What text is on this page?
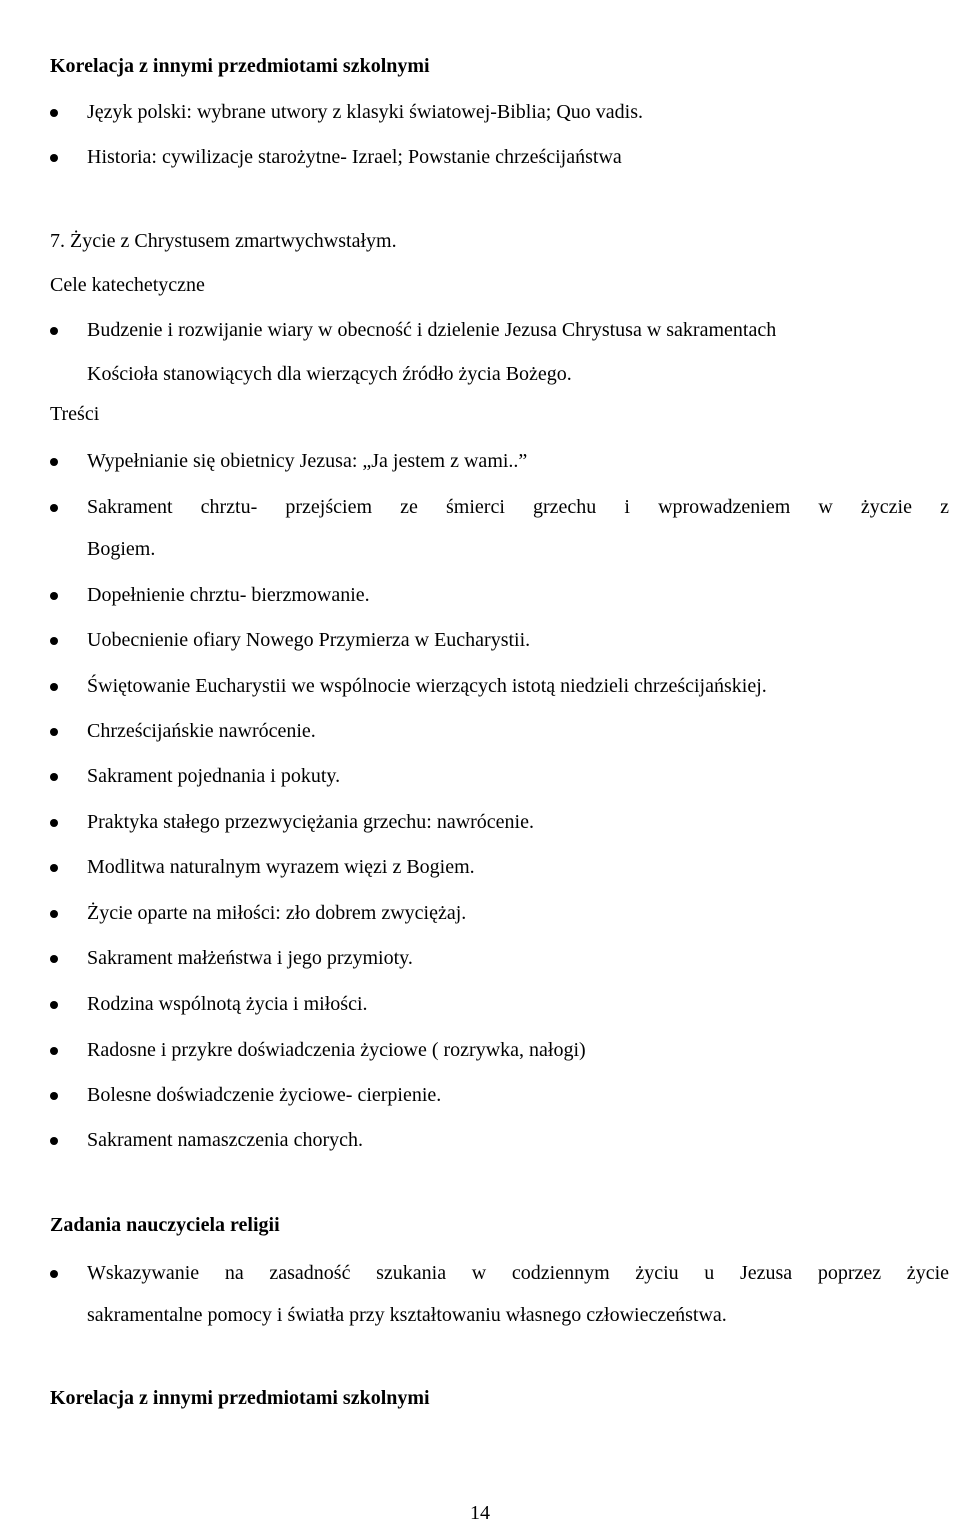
Korelacja z innymi przedmiotami szkolnymi
Język polski: wybrane utwory z klasyki światowej-Biblia; Quo vadis.
Historia: cywilizacje starożytne- Izrael; Powstanie chrześcijaństwa
7. Życie z Chrystusem zmartwychwstałym.
Cele katechetyczne
Budzenie i rozwijanie wiary w obecność i dzielenie Jezusa Chrystusa w sakramentach
Kościoła stanowiących dla wierzących źródło życia Bożego.
Treści
Wypełnianie się obietnicy Jezusa: „Ja jestem z wami..”
Sakrament chrztu- przejściem ze śmierci grzechu i wprowadzeniem w życzie z
Bogiem.
Dopełnienie chrztu- bierzmowanie.
Uobecnienie ofiary Nowego Przymierza w Eucharystii.
Świętowanie Eucharystii we wspólnocie wierzących istotą niedzieli chrześcijańskiej.
Chrześcijańskie nawrócenie.
Sakrament pojednania i pokuty.
Praktyka stałego przezwyciężania grzechu: nawrócenie.
Modlitwa naturalnym wyrazem więzi z Bogiem.
Życie oparte na miłości: zło dobrem zwyciężaj.
Sakrament małżeństwa i jego przymioty.
Rodzina wspólnotą życia i miłości.
Radosne i przykre doświadczenia życiowe ( rozrywka, nałogi)
Bolesne doświadczenie życiowe- cierpienie.
Sakrament namaszczenia chorych.
Zadania nauczyciela religii
Wskazywanie na zasadność szukania w codziennym życiu u Jezusa poprzez życie
sakramentalne pomocy i światła przy kształtowaniu własnego człowieczeństwa.
Korelacja z innymi przedmiotami szkolnymi
14
